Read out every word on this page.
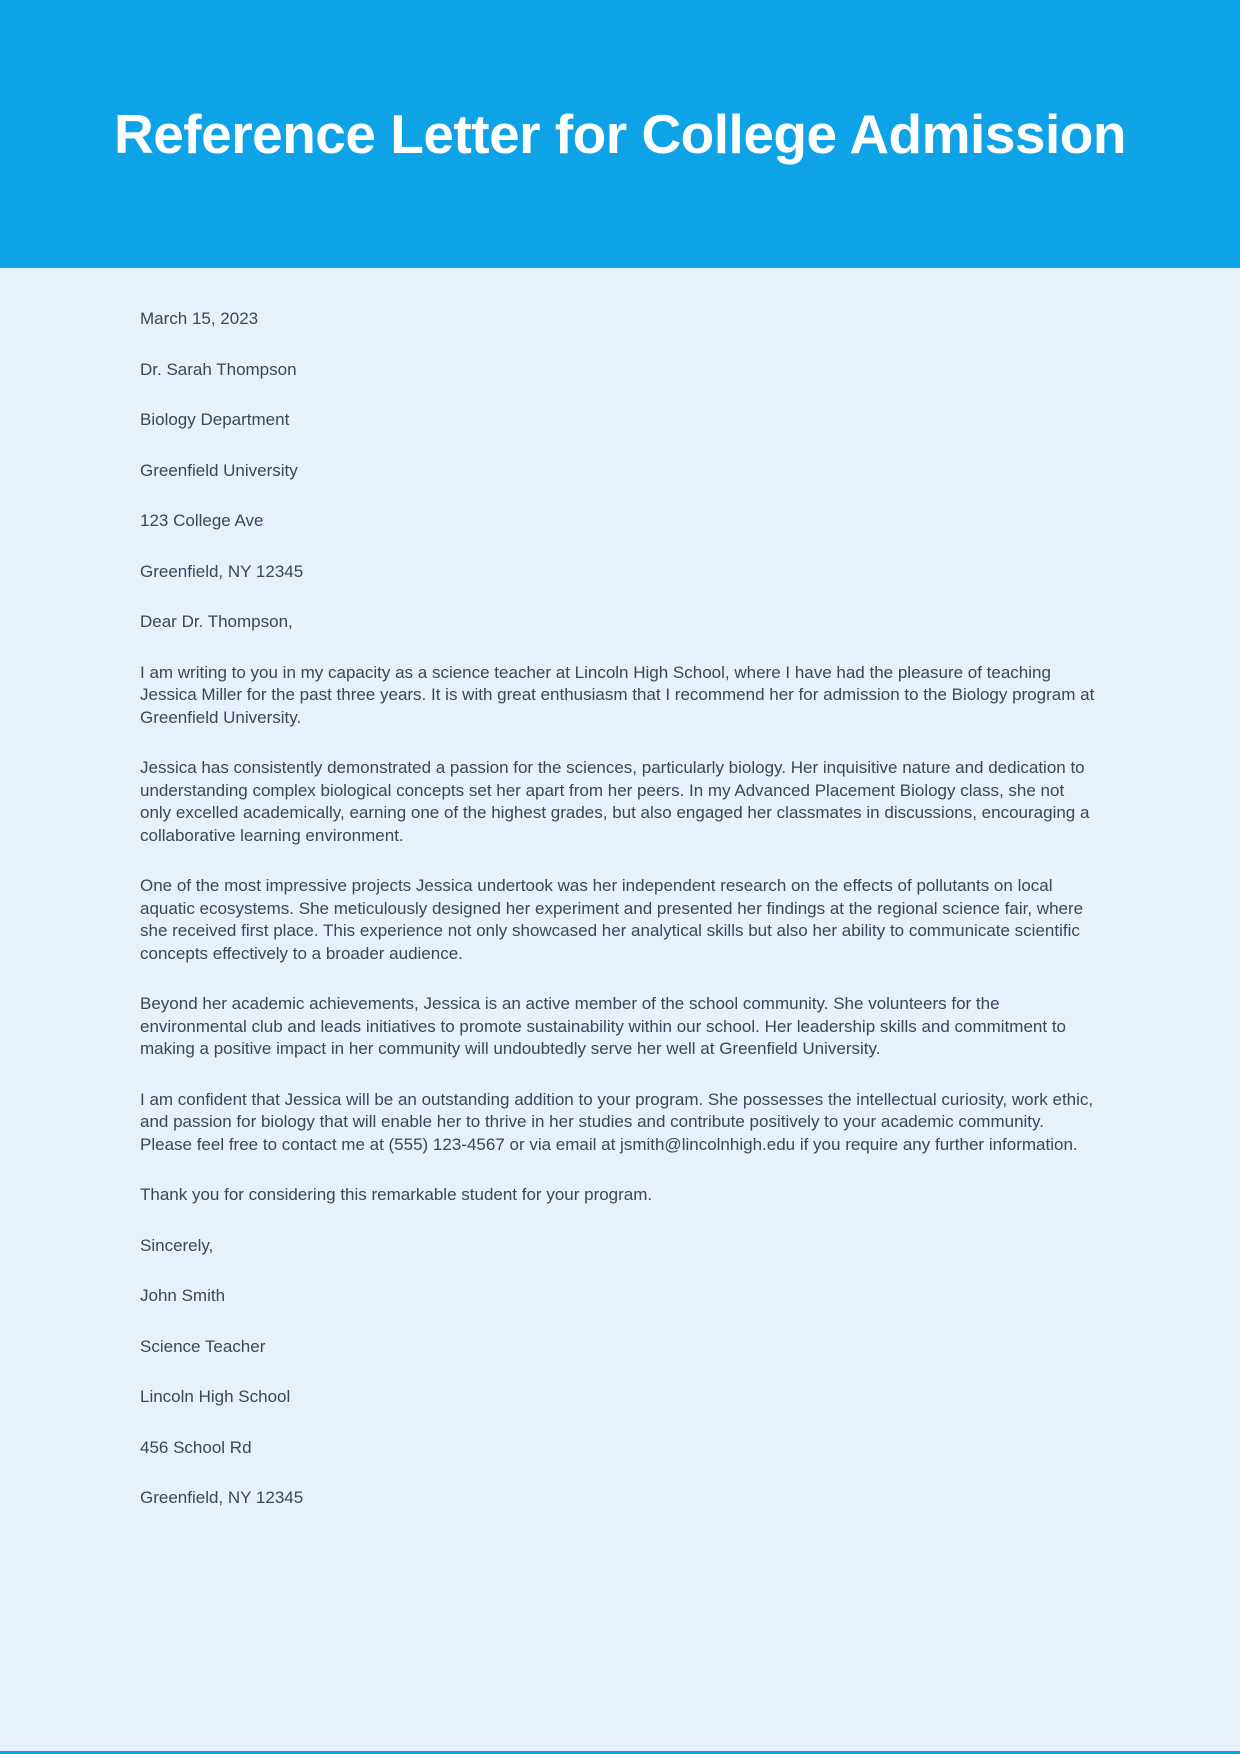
Reference Letter for College Admission

March 15, 2023

Dr. Sarah Thompson

Biology Department

Greenfield University

123 College Ave

Greenfield, NY 12345

Dear Dr. Thompson,

I am writing to you in my capacity as a science teacher at Lincoln High School, where I have had the pleasure of teaching Jessica Miller for the past three years. It is with great enthusiasm that I recommend her for admission to the Biology program at Greenfield University.

Jessica has consistently demonstrated a passion for the sciences, particularly biology. Her inquisitive nature and dedication to understanding complex biological concepts set her apart from her peers. In my Advanced Placement Biology class, she not only excelled academically, earning one of the highest grades, but also engaged her classmates in discussions, encouraging a collaborative learning environment.

One of the most impressive projects Jessica undertook was her independent research on the effects of pollutants on local aquatic ecosystems. She meticulously designed her experiment and presented her findings at the regional science fair, where she received first place. This experience not only showcased her analytical skills but also her ability to communicate scientific concepts effectively to a broader audience.

Beyond her academic achievements, Jessica is an active member of the school community. She volunteers for the environmental club and leads initiatives to promote sustainability within our school. Her leadership skills and commitment to making a positive impact in her community will undoubtedly serve her well at Greenfield University.

I am confident that Jessica will be an outstanding addition to your program. She possesses the intellectual curiosity, work ethic, and passion for biology that will enable her to thrive in her studies and contribute positively to your academic community. Please feel free to contact me at (555) 123-4567 or via email at jsmith@lincolnhigh.edu if you require any further information.

Thank you for considering this remarkable student for your program.

Sincerely,

John Smith

Science Teacher

Lincoln High School

456 School Rd

Greenfield, NY 12345
